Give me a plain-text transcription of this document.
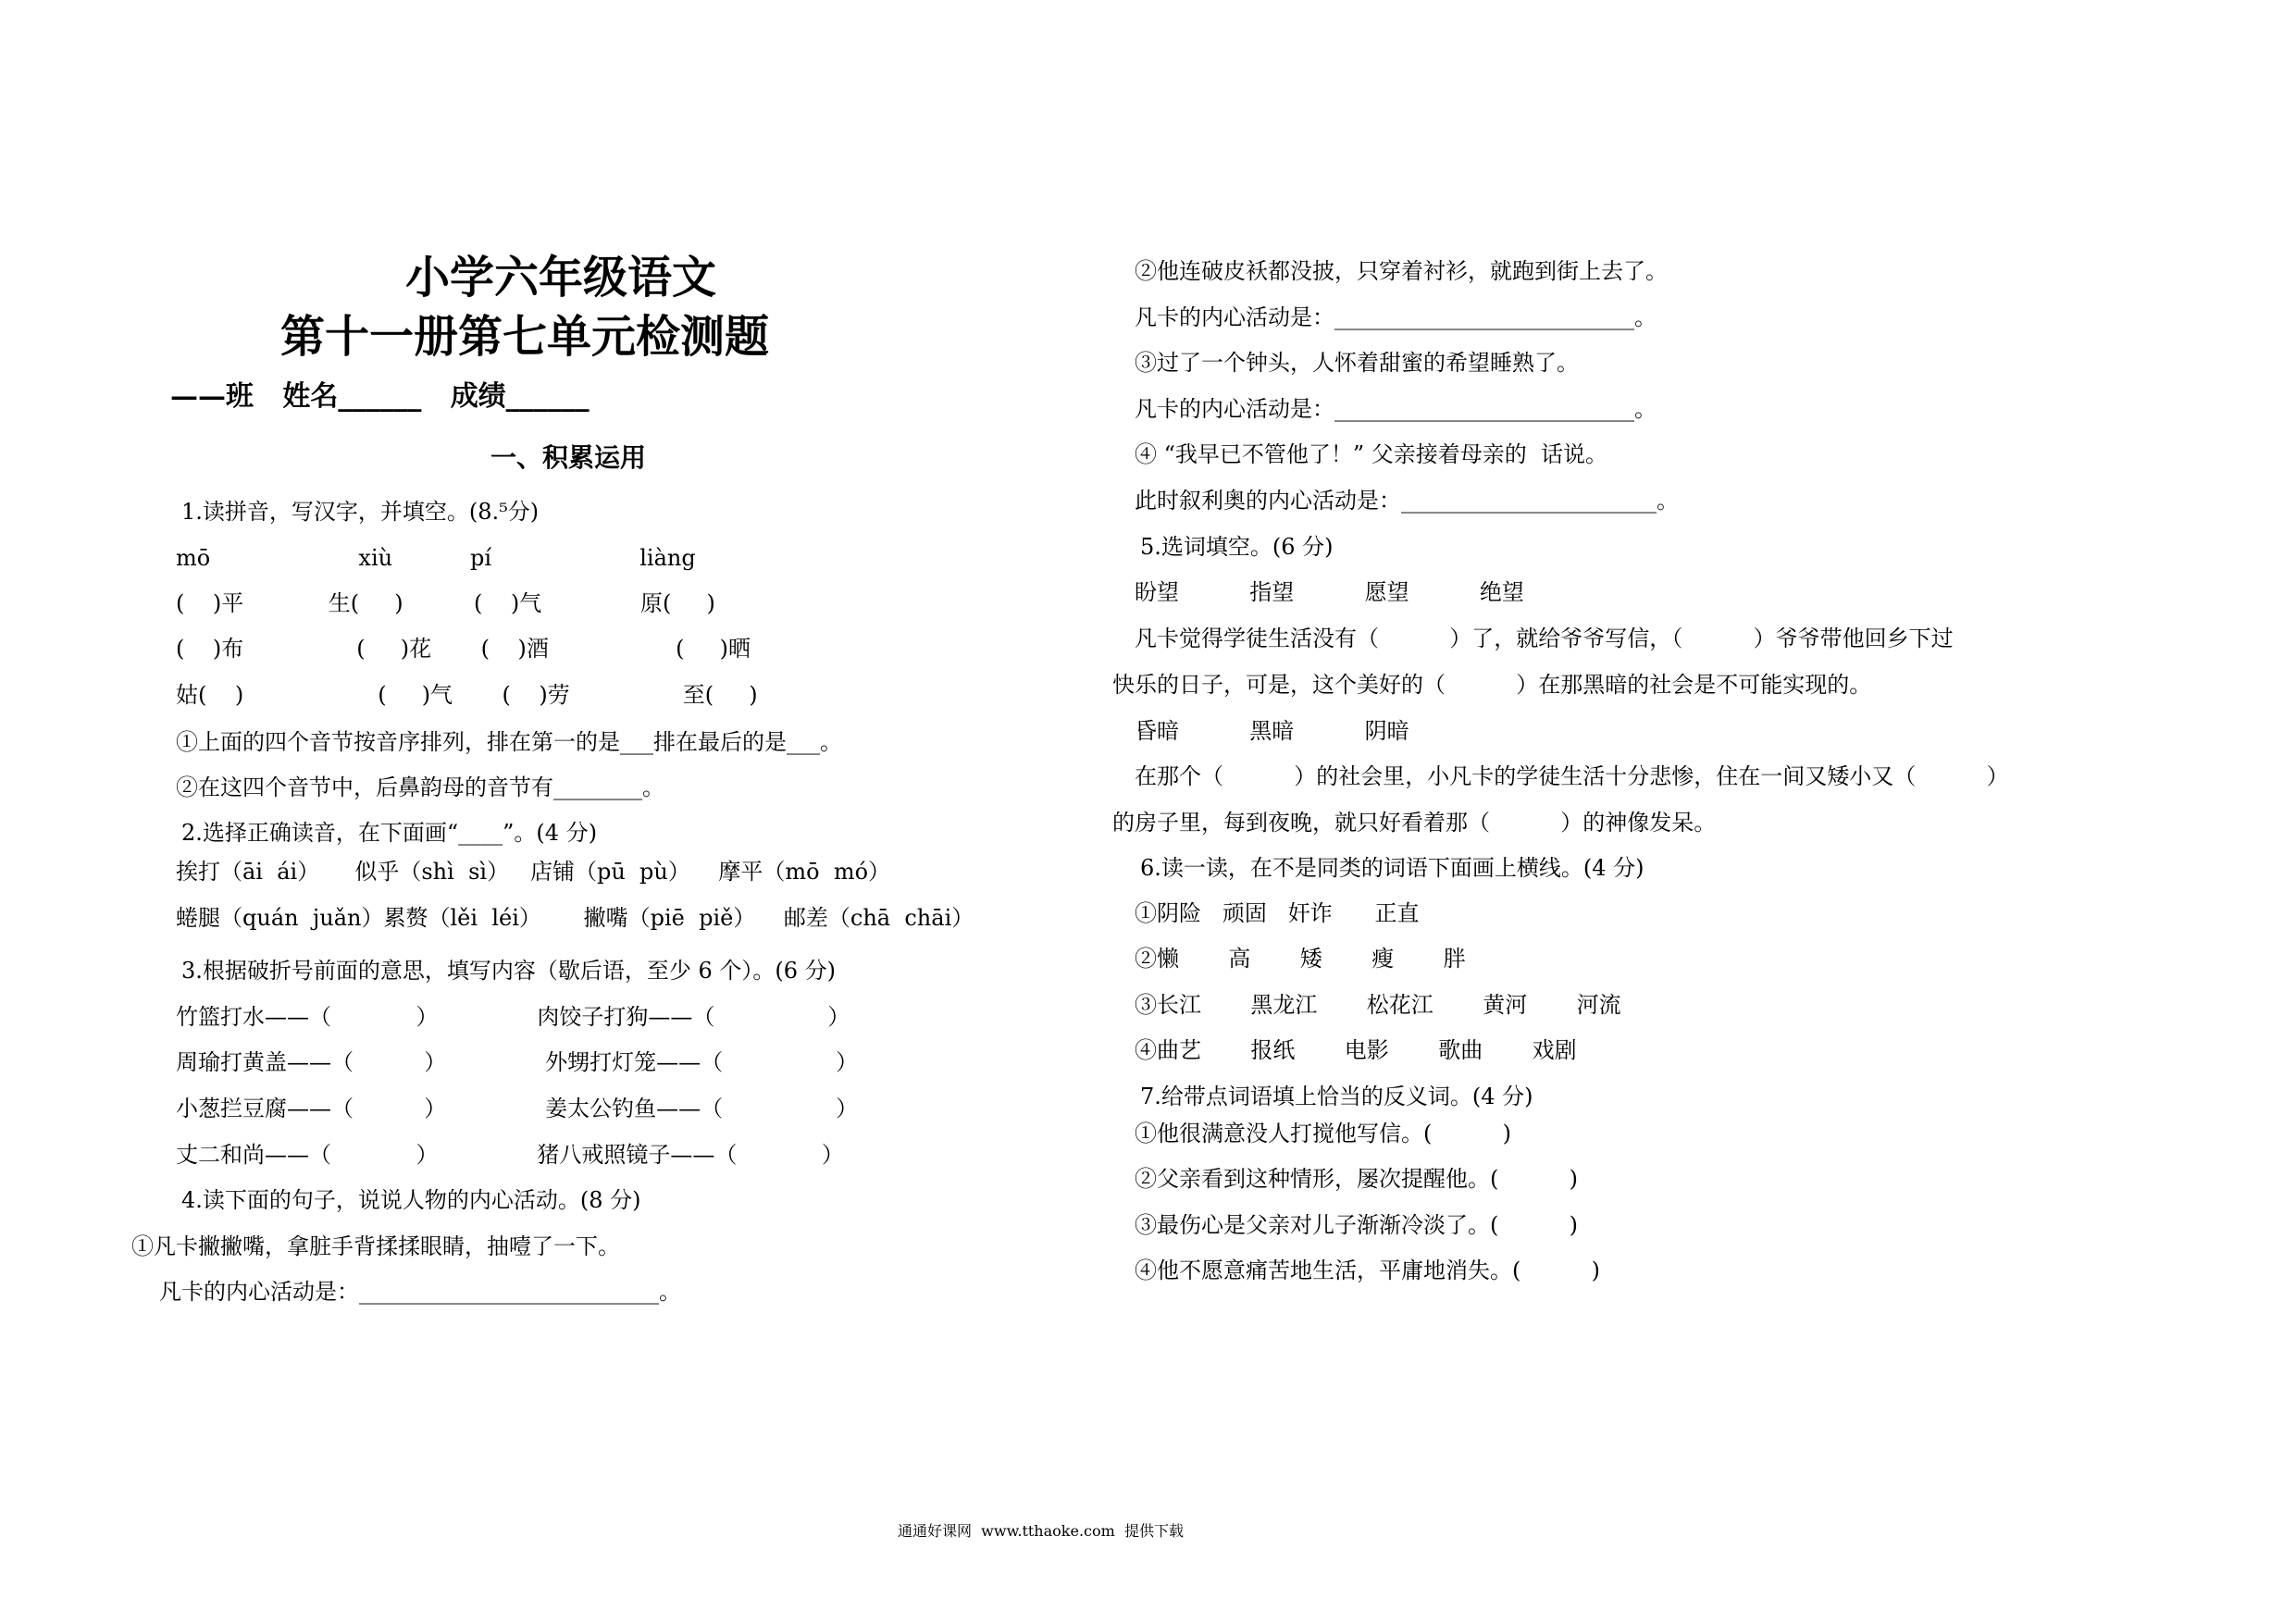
小学六年级语文
第十一册第七单元检测题
——班 姓名______ 成绩______
一、积累运用
1.读拼音，写汉字，并填空。(8.⁵分)
mō                     xiù           pí                     liàng
(    )平            生(     )          (    )气              原(     )
(    )布                (     )花       (    )酒                  (     )晒
姑(    )                   (     )气       (    )劳                至(     )
①上面的四个音节按音序排列，排在第一的是___排在最后的是___。
②在这四个音节中，后鼻韵母的音节有________。
2.选择正确读音，在下面画“____”。(4 分)
挨打（āi  ái）     似乎（shì  sì）   店铺（pū  pù）    摩平（mō  mó）
蜷腿（quán  juǎn）累赘（lěi  léi）      撇嘴（piē  piě）    邮差（chā  chāi）
3.根据破折号前面的意思，填写内容（歇后语，至少 6 个）。(6 分)
竹篮打水——（            ）              肉饺子打狗——（                ）
周瑜打黄盖——（          ）              外甥打灯笼——（                ）
小葱拦豆腐——（          ）              姜太公钓鱼——（                ）
丈二和尚——（            ）              猪八戒照镜子——（            ）
4.读下面的句子，说说人物的内心活动。(8 分)
①凡卡撇撇嘴，拿脏手背揉揉眼睛，抽噎了一下。
凡卡的内心活动是：___________________________。
②他连破皮袄都没披，只穿着衬衫，就跑到街上去了。
凡卡的内心活动是：___________________________。
③过了一个钟头，人怀着甜蜜的希望睡熟了。
凡卡的内心活动是：___________________________。
④ “我早已不管他了！” 父亲接着母亲的  话说。
此时叙利奥的内心活动是：_______________________。
5.选词填空。(6 分)
盼望          指望          愿望          绝望
凡卡觉得学徒生活没有（          ）了，就给爷爷写信，（          ）爷爷带他回乡下过
快乐的日子，可是，这个美好的（          ）在那黑暗的社会是不可能实现的。
昏暗          黑暗          阴暗
在那个（          ）的社会里，小凡卡的学徒生活十分悲惨，住在一间又矮小又（          ）
的房子里，每到夜晚，就只好看着那（          ）的神像发呆。
6.读一读，在不是同类的词语下面画上横线。(4 分)
①阴险   顽固   奸诈      正直
②懒       高       矮       瘦       胖
③长江       黑龙江       松花江       黄河       河流
④曲艺       报纸       电影       歌曲       戏剧
7.给带点词语填上恰当的反义词。(4 分)
①他很满意没人打搅他写信。(          )
②父亲看到这种情形，屡次提醒他。(          )
③最伤心是父亲对儿子渐渐冷淡了。(          )
④他不愿意痛苦地生活，平庸地消失。(          )
通通好课网  www.tthaoke.com  提供下载
